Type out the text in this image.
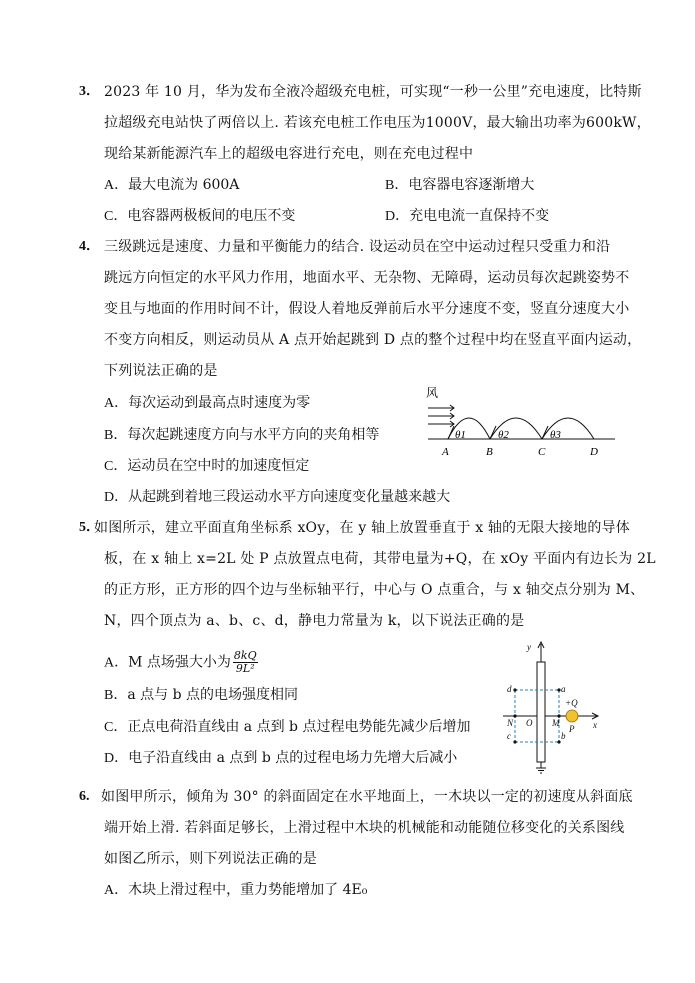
3． 2023 年 10 月，华为发布全液冷超级充电桩，可实现“一秒一公里”充电速度，比特斯
拉超级充电站快了两倍以上. 若该充电桩工作电压为1000V，最大输出功率为600kW，
现给某新能源汽车上的超级电容进行充电，则在充电过程中
A．最大电流为 600A	B．电容器电容逐渐增大
C．电容器两极板间的电压不变	D．充电电流一直保持不变
4． 三级跳远是速度、力量和平衡能力的结合. 设运动员在空中运动过程只受重力和沿
跳远方向恒定的水平风力作用，地面水平、无杂物、无障碍，运动员每次起跳姿势不
变且与地面的作用时间不计，假设人着地反弹前后水平分速度不变，竖直分速度大小
不变方向相反，则运动员从 A 点开始起跳到 D 点的整个过程中均在竖直平面内运动，
下列说法正确的是
A．每次运动到最高点时速度为零
B．每次起跳速度方向与水平方向的夹角相等
C．运动员在空中时的加速度恒定
D．从起跳到着地三段运动水平方向速度变化量越来越大
风
θ1	θ2	θ3
A	B	C	D
5．
如图所示，建立平面直角坐标系 xOy，在 y 轴上放置垂直于 x 轴的无限大接地的导体
板，在 x 轴上 x=2L 处 P 点放置点电荷，其带电量为+Q，在 xOy 平面内有边长为 2L
的正方形，正方形的四个边与坐标轴平行，中心与 O 点重合，与 x 轴交点分别为 M、
N，四个顶点为 a、b、c、d，静电力常量为 k，以下说法正确的是
A．M 点场强大小为 $\frac{8kQ}{\text{9L²}}$
B．a 点与 b 点的电场强度相同
C．正点电荷沿直线由 a 点到 b 点过程电势能先减少后增加
D．电子沿直线由 a 点到 b 点的过程电场力先增大后减小
y
x
O M
N
P
a
b
c
d
+Q
6. 如图甲所示，倾角为 30° 的斜面固定在水平地面上，一木块以一定的初速度从斜面底
端开始上滑. 若斜面足够长，上滑过程中木块的机械能和动能随位移变化的关系图线
如图乙所示，则下列说法正确的是
A．木块上滑过程中，重力势能增加了 4E₀
